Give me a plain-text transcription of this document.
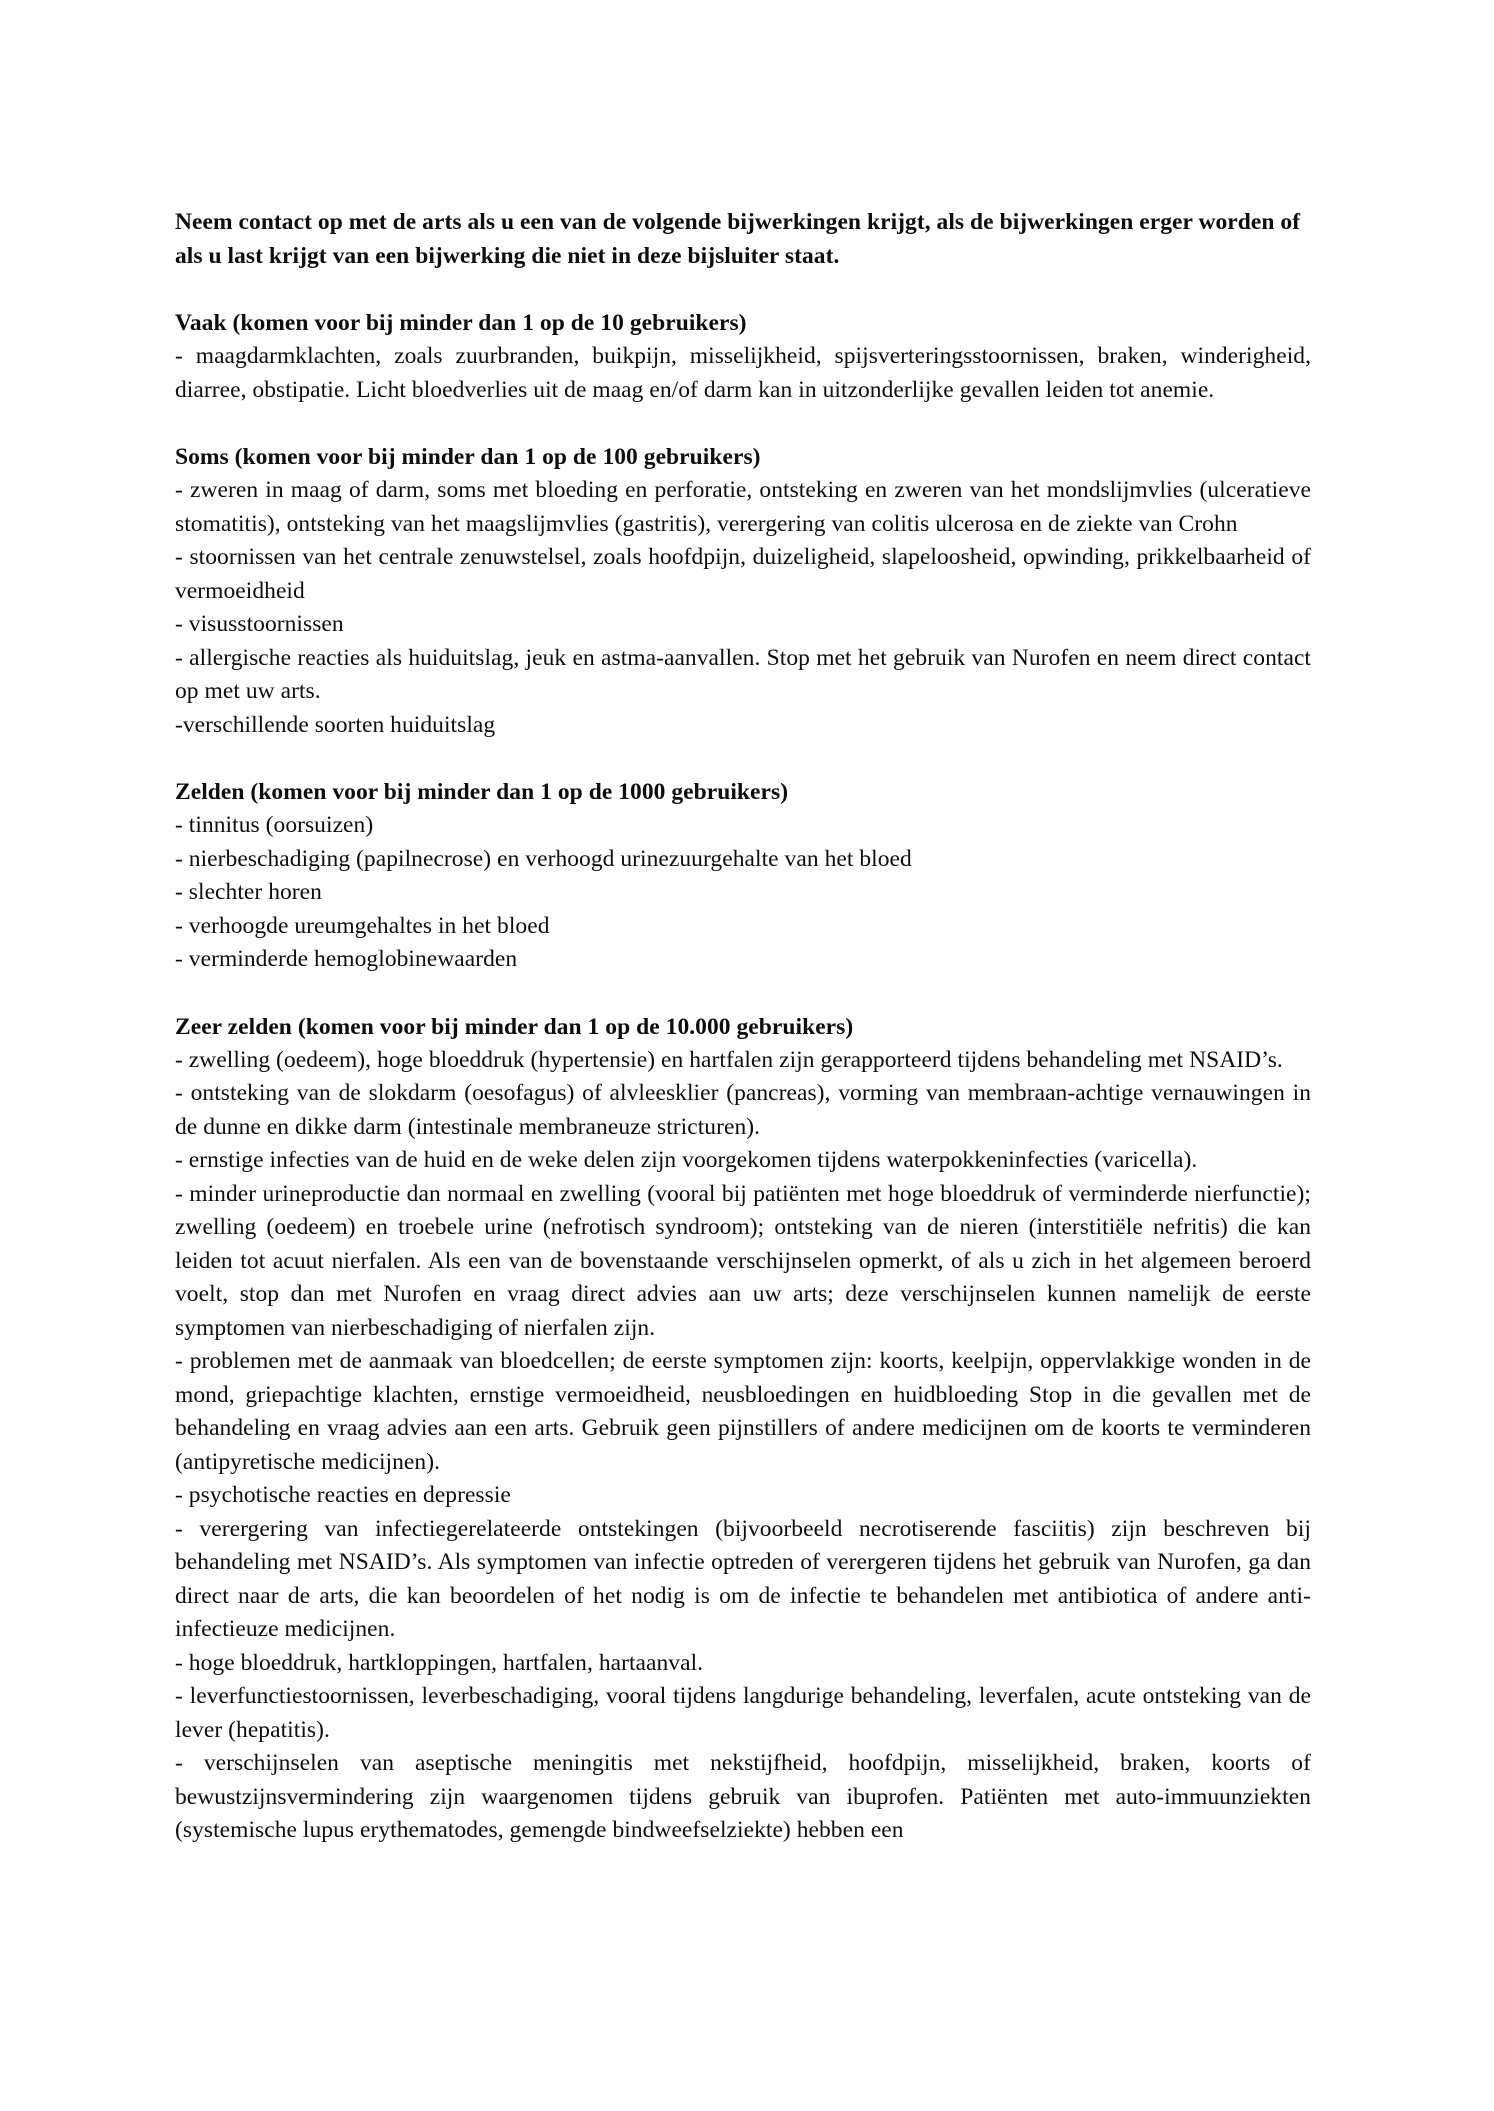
Neem contact op met de arts als u een van de volgende bijwerkingen krijgt, als de bijwerkingen erger worden of als u last krijgt van een bijwerking die niet in deze bijsluiter staat.

Vaak (komen voor bij minder dan 1 op de 10 gebruikers)

- maagdarmklachten, zoals zuurbranden, buikpijn, misselijkheid, spijsverteringsstoornissen, braken, winderigheid, diarree, obstipatie. Licht bloedverlies uit de maag en/of darm kan in uitzonderlijke gevallen leiden tot anemie.

Soms (komen voor bij minder dan 1 op de 100 gebruikers)

- zweren in maag of darm, soms met bloeding en perforatie, ontsteking en zweren van het mondslijmvlies (ulceratieve stomatitis), ontsteking van het maagslijmvlies (gastritis), verergering van colitis ulcerosa en de ziekte van Crohn

- stoornissen van het centrale zenuwstelsel, zoals hoofdpijn, duizeligheid, slapeloosheid, opwinding, prikkelbaarheid of vermoeidheid

- visusstoornissen

- allergische reacties als huiduitslag, jeuk en astma-aanvallen. Stop met het gebruik van Nurofen en neem direct contact op met uw arts.

-verschillende soorten huiduitslag

Zelden (komen voor bij minder dan 1 op de 1000 gebruikers)

- tinnitus (oorsuizen)

- nierbeschadiging (papilnecrose) en verhoogd urinezuurgehalte van het bloed

- slechter horen

- verhoogde ureumgehaltes in het bloed

- verminderde hemoglobinewaarden

Zeer zelden (komen voor bij minder dan 1 op de 10.000 gebruikers)

- zwelling (oedeem), hoge bloeddruk (hypertensie) en hartfalen zijn gerapporteerd tijdens behandeling met NSAID’s.

- ontsteking van de slokdarm (oesofagus) of alvleesklier (pancreas), vorming van membraan-achtige vernauwingen in de dunne en dikke darm (intestinale membraneuze stricturen).

- ernstige infecties van de huid en de weke delen zijn voorgekomen tijdens waterpokkeninfecties (varicella).

- minder urineproductie dan normaal en zwelling (vooral bij patiënten met hoge bloeddruk of verminderde nierfunctie); zwelling (oedeem) en troebele urine (nefrotisch syndroom); ontsteking van de nieren (interstitiële nefritis) die kan leiden tot acuut nierfalen. Als een van de bovenstaande verschijnselen opmerkt, of als u zich in het algemeen beroerd voelt, stop dan met Nurofen en vraag direct advies aan uw arts; deze verschijnselen kunnen namelijk de eerste symptomen van nierbeschadiging of nierfalen zijn.

- problemen met de aanmaak van bloedcellen; de eerste symptomen zijn: koorts, keelpijn, oppervlakkige wonden in de mond, griepachtige klachten, ernstige vermoeidheid, neusbloedingen en huidbloeding Stop in die gevallen met de behandeling en vraag advies aan een arts. Gebruik geen pijnstillers of andere medicijnen om de koorts te verminderen (antipyretische medicijnen).

- psychotische reacties en depressie

- verergering van infectiegerelateerde ontstekingen (bijvoorbeeld necrotiserende fasciitis) zijn beschreven bij behandeling met NSAID’s. Als symptomen van infectie optreden of verergeren tijdens het gebruik van Nurofen, ga dan direct naar de arts, die kan beoordelen of het nodig is om de infectie te behandelen met antibiotica of andere anti-infectieuze medicijnen.

- hoge bloeddruk, hartkloppingen, hartfalen, hartaanval.

- leverfunctiestoornissen, leverbeschadiging, vooral tijdens langdurige behandeling, leverfalen, acute ontsteking van de lever (hepatitis).

- verschijnselen van aseptische meningitis met nekstijfheid, hoofdpijn, misselijkheid, braken, koorts of bewustzijnsvermindering zijn waargenomen tijdens gebruik van ibuprofen. Patiënten met auto-immuunziekten (systemische lupus erythematodes, gemengde bindweefselziekte) hebben een
